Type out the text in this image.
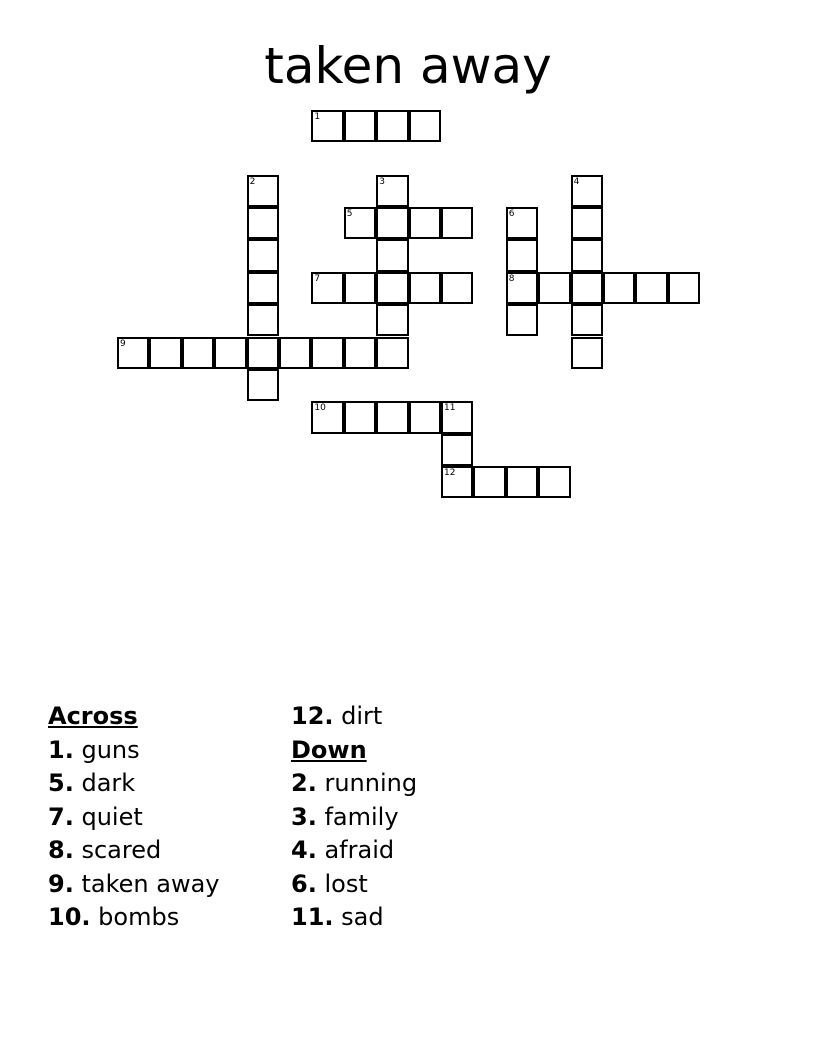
taken away
1
2	3	4
5	6
7	8
9
10	11
12
Across
1. guns
5. dark
7. quiet
8. scared
9. taken away
10. bombs
12. dirt
Down
2. running
3. family
4. afraid
6. lost
11. sad
